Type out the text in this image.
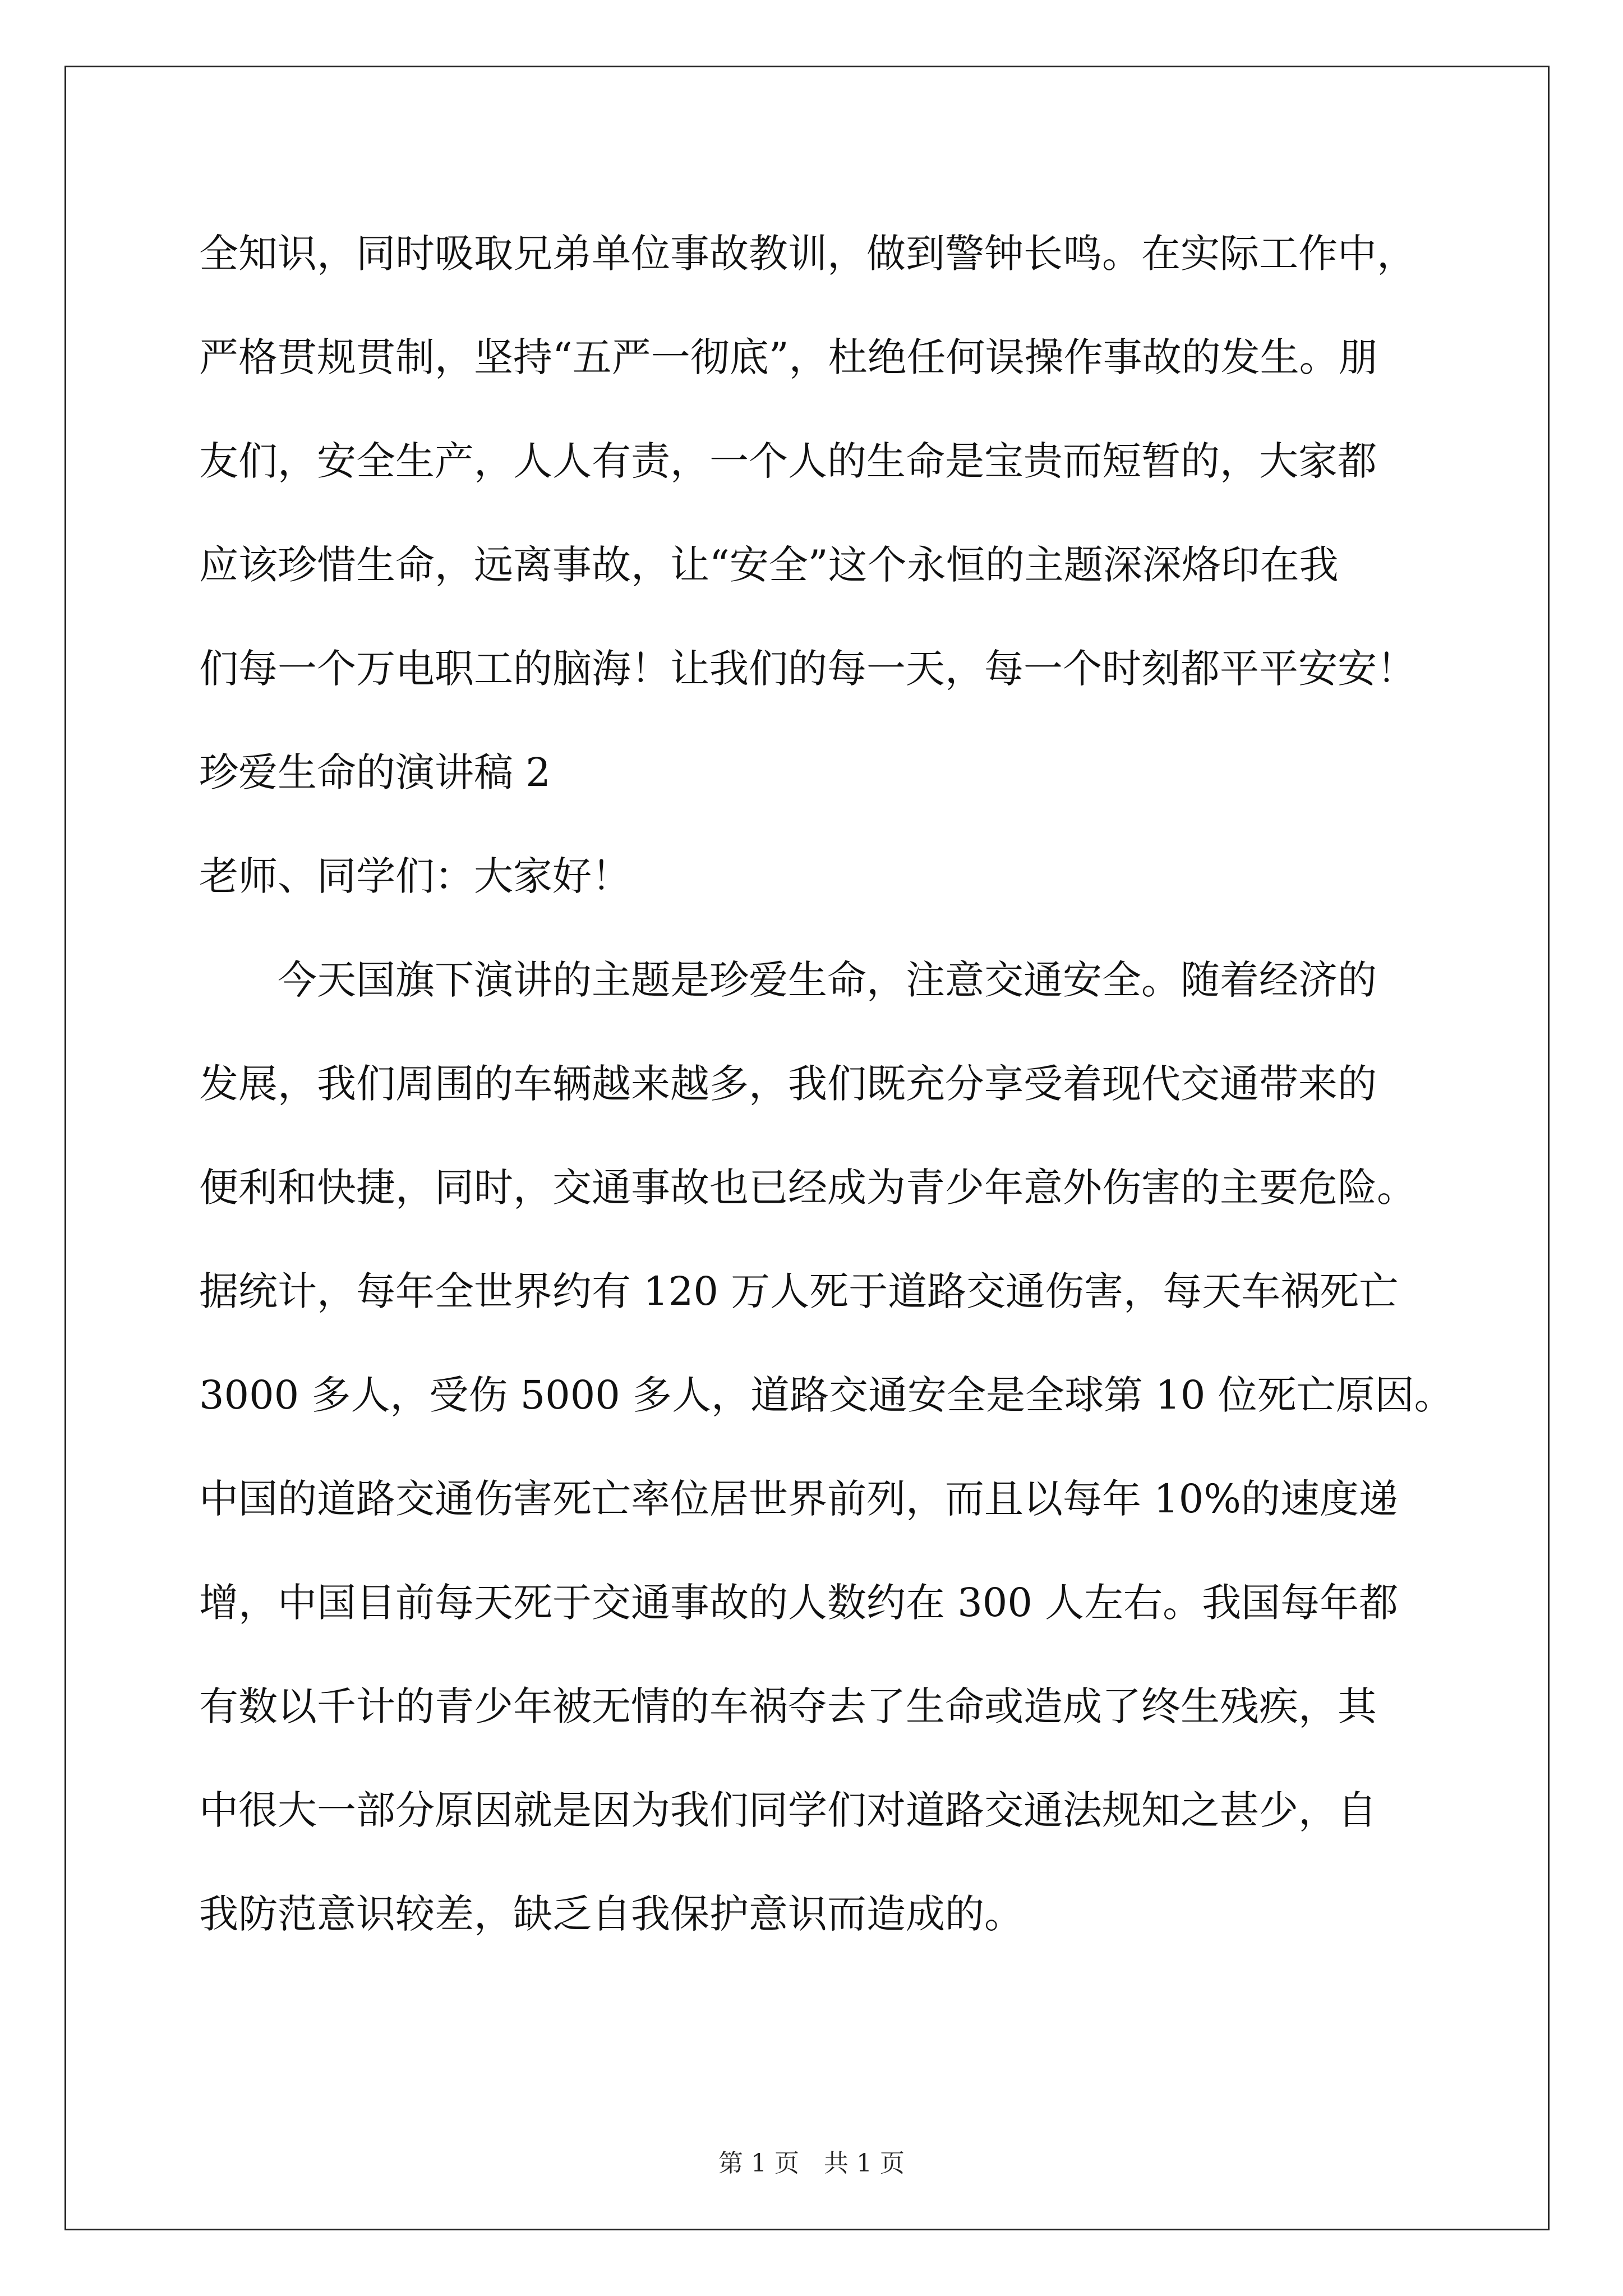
全知识，同时吸取兄弟单位事故教训，做到警钟长鸣。在实际工作中，
严格贯规贯制，坚持“五严一彻底”，杜绝任何误操作事故的发生。朋
友们，安全生产，人人有责，一个人的生命是宝贵而短暂的，大家都
应该珍惜生命，远离事故，让“安全”这个永恒的主题深深烙印在我
们每一个万电职工的脑海！让我们的每一天，每一个时刻都平平安安！
珍爱生命的演讲稿 2
老师、同学们：大家好！
今天国旗下演讲的主题是珍爱生命，注意交通安全。随着经济的
发展，我们周围的车辆越来越多，我们既充分享受着现代交通带来的
便利和快捷，同时，交通事故也已经成为青少年意外伤害的主要危险。
据统计，每年全世界约有 120 万人死于道路交通伤害，每天车祸死亡
3000 多人，受伤 5000 多人，道路交通安全是全球第 10 位死亡原因。
中国的道路交通伤害死亡率位居世界前列，而且以每年 10%的速度递
增，中国目前每天死于交通事故的人数约在 300 人左右。我国每年都
有数以千计的青少年被无情的车祸夺去了生命或造成了终生残疾，其
中很大一部分原因就是因为我们同学们对道路交通法规知之甚少，自
我防范意识较差，缺乏自我保护意识而造成的。
第 1 页　共 1 页
